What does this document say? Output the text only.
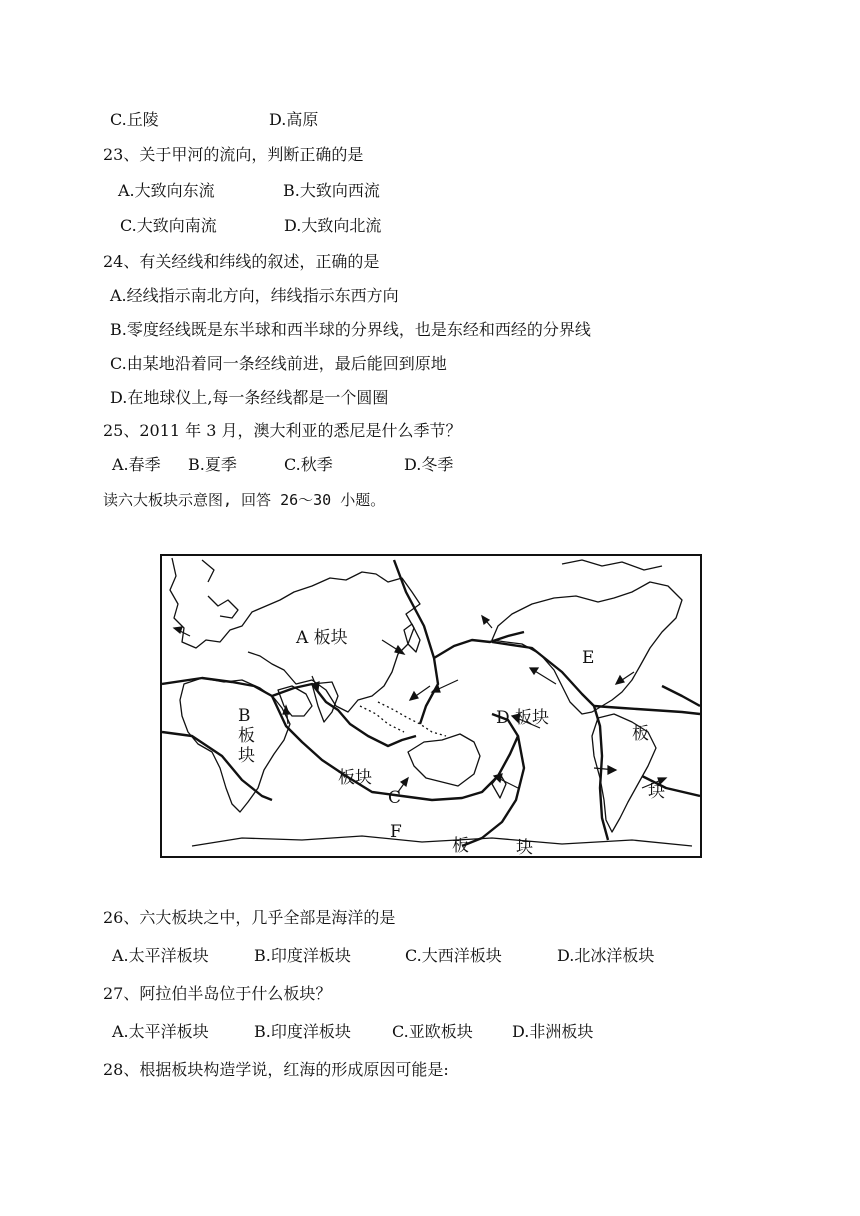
C.丘陵	D.高原
23、关于甲河的流向，判断正确的是
A.大致向东流	B.大致向西流
C.大致向南流	D.大致向北流
24、有关经线和纬线的叙述，正确的是
A.经线指示南北方向，纬线指示东西方向
B.零度经线既是东半球和西半球的分界线，也是东经和西经的分界线
C.由某地沿着同一条经线前进，最后能回到原地
D.在地球仪上,每一条经线都是一个圆圈
25、2011 年 3 月，澳大利亚的悉尼是什么季节？
A.春季 B.夏季	C.秋季	D.冬季
读六大板块示意图, 回答 26～30 小题。
A 板块
B
板
块
板块
C
D 板块
E
F
板	块
板
块
26、六大板块之中，几乎全部是海洋的是
A.太平洋板块	B.印度洋板块	C.大西洋板块	D.北冰洋板块
27、阿拉伯半岛位于什么板块？
A.太平洋板块	B.印度洋板块	C.亚欧板块 D.非洲板块
28、根据板块构造学说，红海的形成原因可能是:
